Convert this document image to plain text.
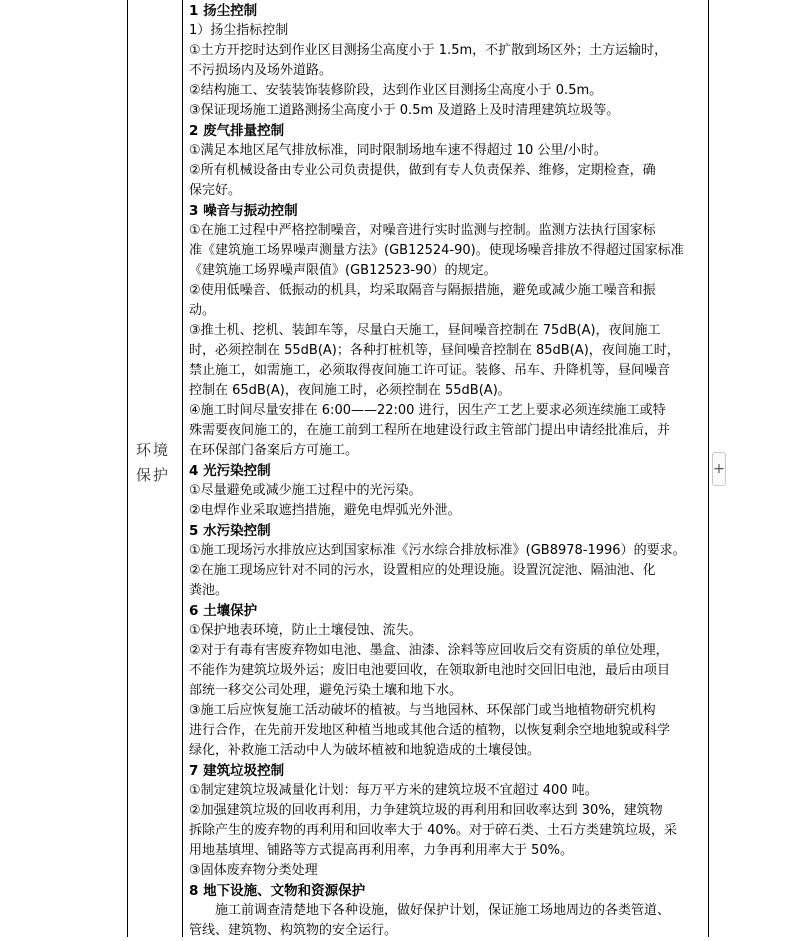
环境
保护
1 扬尘控制
1）扬尘指标控制
①土方开挖时达到作业区目测扬尘高度小于 1.5m，不扩散到场区外；土方运输时，
不污损场内及场外道路。
②结构施工、安装装饰装修阶段，达到作业区目测扬尘高度小于 0.5m。
③保证现场施工道路测扬尘高度小于 0.5m 及道路上及时清理建筑垃圾等。
2 废气排量控制
①满足本地区尾气排放标准，同时限制场地车速不得超过 10 公里/小时。
②所有机械设备由专业公司负责提供，做到有专人负责保养、维修，定期检查，确
保完好。
3 噪音与振动控制
①在施工过程中严格控制噪音，对噪音进行实时监测与控制。监测方法执行国家标
准《建筑施工场界噪声测量方法》(GB12524-90)。使现场噪音排放不得超过国家标准
《建筑施工场界噪声限值》(GB12523-90）的规定。
②使用低噪音、低振动的机具，均采取隔音与隔振措施，避免或减少施工噪音和振
动。
③推土机、挖机、装卸车等，尽量白天施工，昼间噪音控制在 75dB(A)，夜间施工
时，必须控制在 55dB(A)；各种打桩机等，昼间噪音控制在 85dB(A)，夜间施工时，
禁止施工，如需施工，必须取得夜间施工许可证。装修、吊车、升降机等，昼间噪音
控制在 65dB(A)，夜间施工时，必须控制在 55dB(A)。
④施工时间尽量安排在 6:00——22:00 进行，因生产工艺上要求必须连续施工或特
殊需要夜间施工的，在施工前到工程所在地建设行政主管部门提出申请经批准后，并
在环保部门备案后方可施工。
4 光污染控制
①尽量避免或减少施工过程中的光污染。
②电焊作业采取遮挡措施，避免电焊弧光外泄。
5 水污染控制
①施工现场污水排放应达到国家标准《污水综合排放标准》(GB8978-1996）的要求。
②在施工现场应针对不同的污水，设置相应的处理设施。设置沉淀池、隔油池、化
粪池。
6 土壤保护
①保护地表环境，防止土壤侵蚀、流失。
②对于有毒有害废弃物如电池、墨盒、油漆、涂料等应回收后交有资质的单位处理，
不能作为建筑垃圾外运；废旧电池要回收，在领取新电池时交回旧电池，最后由项目
部统一移交公司处理，避免污染土壤和地下水。
③施工后应恢复施工活动破坏的植被。与当地园林、环保部门或当地植物研究机构
进行合作，在先前开发地区种植当地或其他合适的植物，以恢复剩余空地地貌或科学
绿化，补救施工活动中人为破坏植被和地貌造成的土壤侵蚀。
7 建筑垃圾控制
①制定建筑垃圾减量化计划：每万平方米的建筑垃圾不宜超过 400 吨。
②加强建筑垃圾的回收再利用，力争建筑垃圾的再利用和回收率达到 30%，建筑物
拆除产生的废弃物的再利用和回收率大于 40%。对于碎石类、土石方类建筑垃圾，采
用地基填埋、铺路等方式提高再利用率，力争再利用率大于 50%。
③固体废弃物分类处理
8 地下设施、文物和资源保护
施工前调查清楚地下各种设施，做好保护计划，保证施工场地周边的各类管道、
管线、建筑物、构筑物的安全运行。
+
